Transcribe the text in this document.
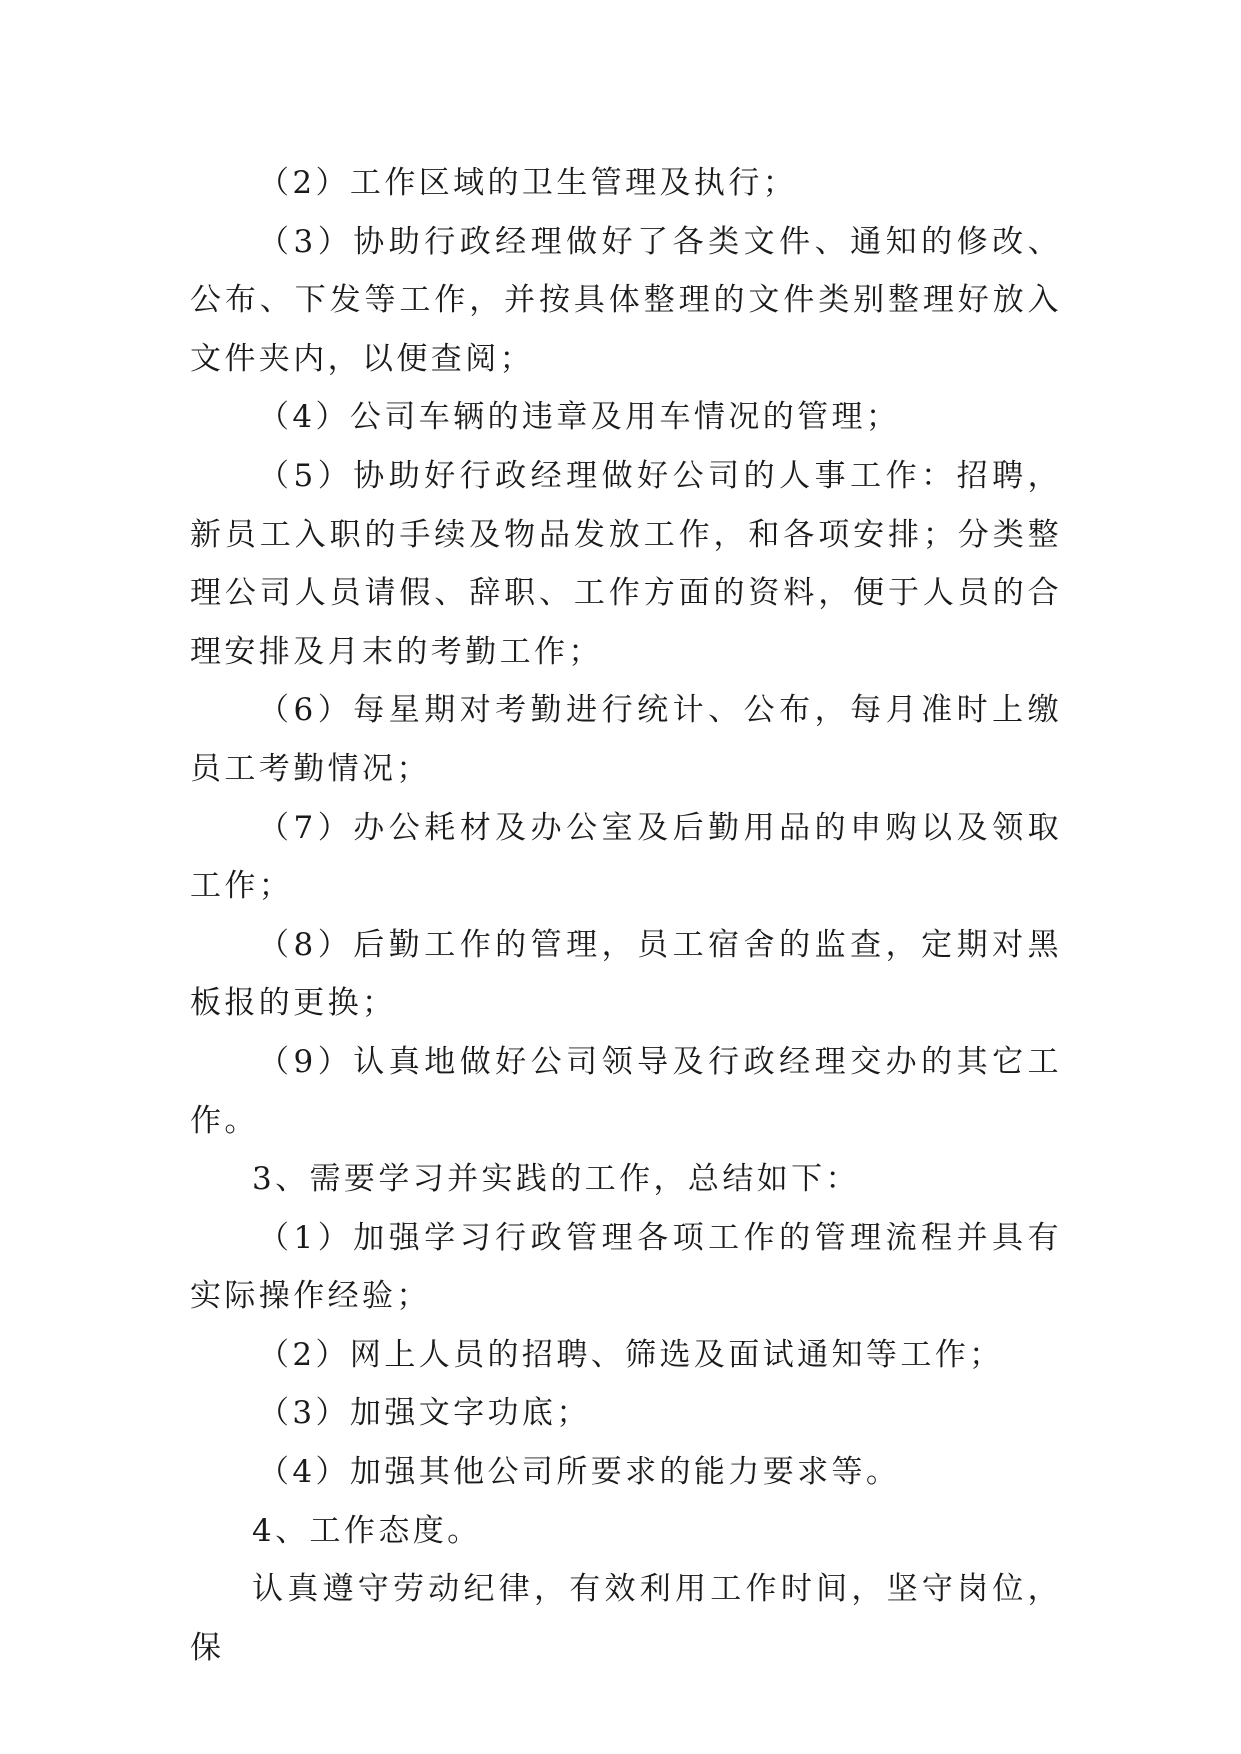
（2）工作区域的卫生管理及执行；

（3）协助行政经理做好了各类文件、通知的修改、公布、下发等工作，并按具体整理的文件类别整理好放入文件夹内，以便查阅；

（4）公司车辆的违章及用车情况的管理；

（5）协助好行政经理做好公司的人事工作：招聘，新员工入职的手续及物品发放工作，和各项安排；分类整理公司人员请假、辞职、工作方面的资料，便于人员的合理安排及月末的考勤工作；

（6）每星期对考勤进行统计、公布，每月准时上缴员工考勤情况；

（7）办公耗材及办公室及后勤用品的申购以及领取工作；

（8）后勤工作的管理，员工宿舍的监查，定期对黑板报的更换；

（9）认真地做好公司领导及行政经理交办的其它工作。

3、需要学习并实践的工作，总结如下：

（1）加强学习行政管理各项工作的管理流程并具有实际操作经验；

（2）网上人员的招聘、筛选及面试通知等工作；

（3）加强文字功底；

（4）加强其他公司所要求的能力要求等。

4、工作态度。

认真遵守劳动纪律，有效利用工作时间，坚守岗位，保
